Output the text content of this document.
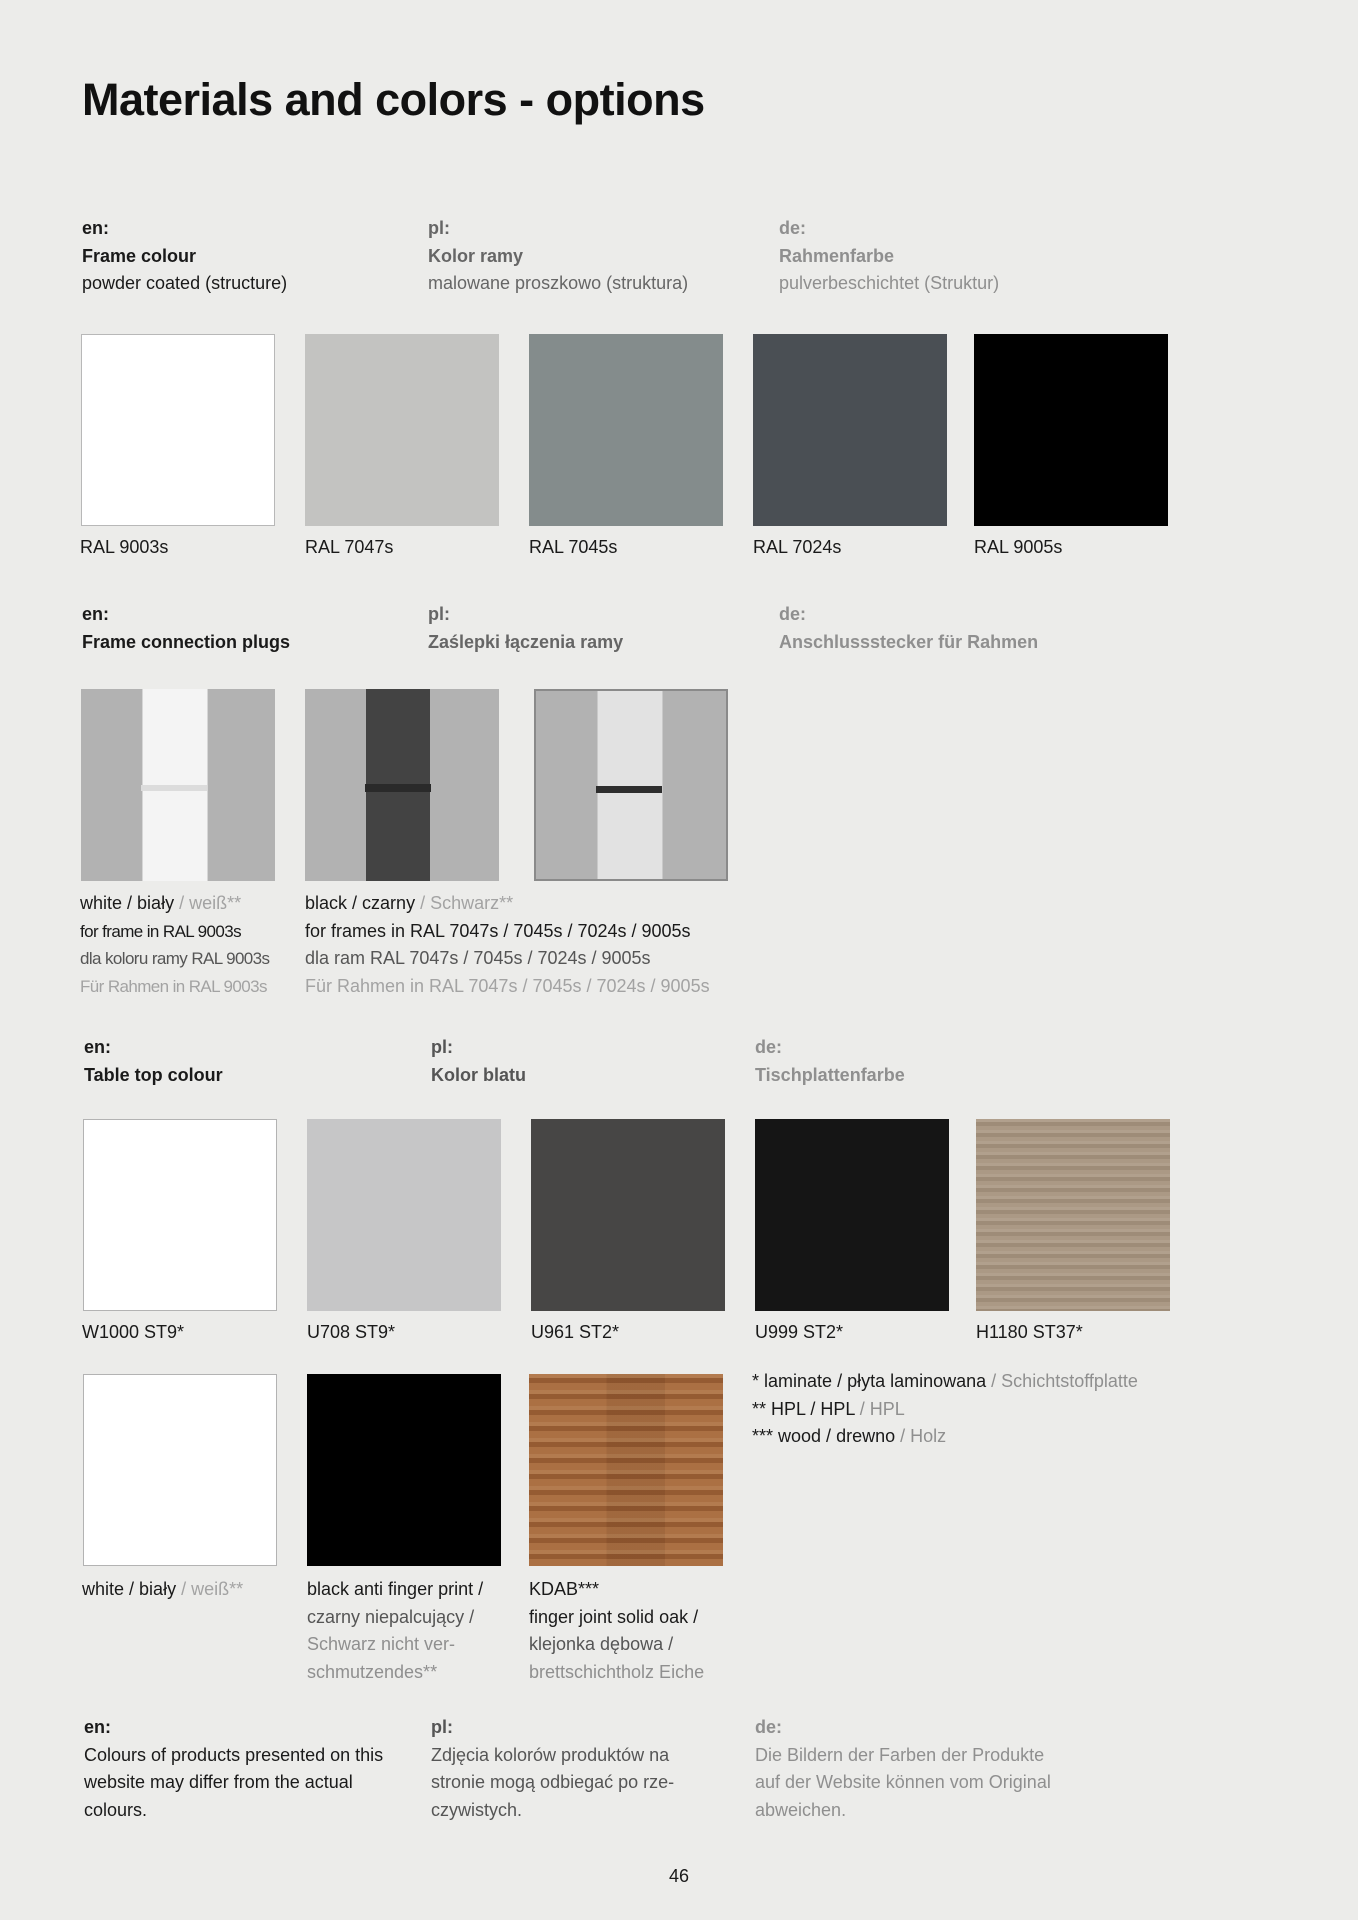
Materials and colors - options
en:
Frame colour
powder coated (structure)
pl:
Kolor ramy
malowane proszkowo (struktura)
de:
Rahmenfarbe
pulverbeschichtet (Struktur)
RAL 9003s	RAL 7047s	RAL 7045s	RAL 7024s	RAL 9005s
en:
Frame connection plugs
pl:
Zaślepki łączenia ramy
de:
Anschlussstecker für Rahmen
white / biały / weiß**
for frame in RAL 9003s
dla koloru ramy RAL 9003s
Für Rahmen in RAL 9003s
black / czarny / Schwarz**
for frames in RAL 7047s / 7045s / 7024s / 9005s
dla ram RAL 7047s / 7045s / 7024s / 9005s
Für Rahmen in RAL 7047s / 7045s / 7024s / 9005s
en:
Table top colour
pl:
Kolor blatu
de:
Tischplattenfarbe
W1000 ST9*	U708 ST9*	U961 ST2*	U999 ST2*	H1180 ST37*
white / biały / weiß**	black anti finger print /
czarny niepalcujący /
Schwarz nicht ver-
schmutzendes**
KDAB***
finger joint solid oak /
klejonka dębowa /
brettschichtholz Eiche
* laminate / płyta laminowana / Schichtstoffplatte
** HPL / HPL / HPL
*** wood / drewno / Holz
en:
Colours of products presented on this
website may differ from the actual
colours.
pl:
Zdjęcia kolorów produktów na
stronie mogą odbiegać po rze-
czywistych.
de:
Die Bildern der Farben der Produkte
auf der Website können vom Original
abweichen.
46
